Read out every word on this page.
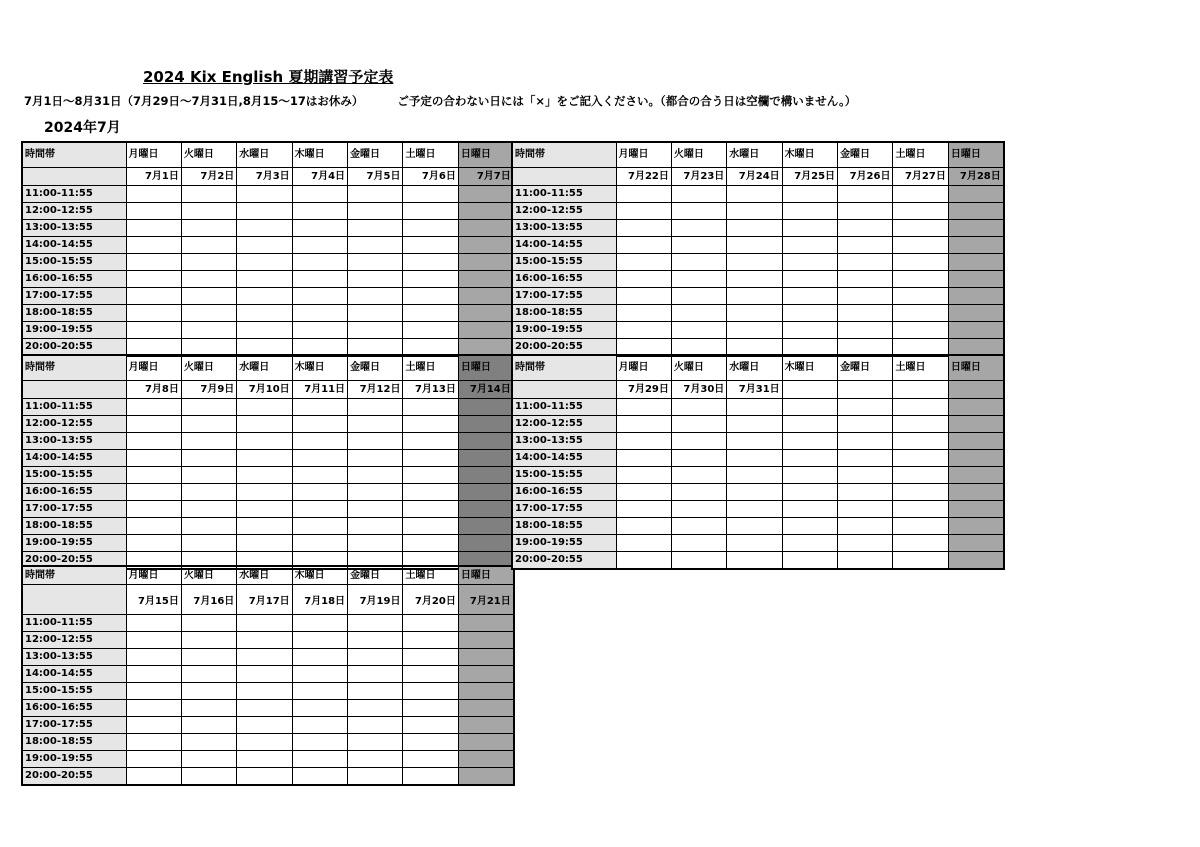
2024 Kix English 夏期講習予定表
7月1日～8月31日（7月29日～7月31日,8月15～17はお休み）	ご予定の合わない日には「×」をご記入ください。（都合の合う日は空欄で構いません。）
2024年7月
時間帯	月曜日	火曜日	水曜日	木曜日	金曜日	土曜日	日曜日
	7月1日	7月2日	7月3日	7月4日	7月5日	7月6日	7月7日
11:00-11:55							
12:00-12:55							
13:00-13:55							
14:00-14:55							
15:00-15:55							
16:00-16:55							
17:00-17:55							
18:00-18:55							
19:00-19:55							
20:00-20:55							
時間帯	月曜日	火曜日	水曜日	木曜日	金曜日	土曜日	日曜日
	7月8日	7月9日	7月10日	7月11日	7月12日	7月13日	7月14日
11:00-11:55							
12:00-12:55							
13:00-13:55							
14:00-14:55							
15:00-15:55							
16:00-16:55							
17:00-17:55							
18:00-18:55							
19:00-19:55							
20:00-20:55							
時間帯	月曜日	火曜日	水曜日	木曜日	金曜日	土曜日	日曜日
	7月15日	7月16日	7月17日	7月18日	7月19日	7月20日	7月21日
11:00-11:55							
12:00-12:55							
13:00-13:55							
14:00-14:55							
15:00-15:55							
16:00-16:55							
17:00-17:55							
18:00-18:55							
19:00-19:55							
20:00-20:55							
時間帯	月曜日	火曜日	水曜日	木曜日	金曜日	土曜日	日曜日
	7月22日	7月23日	7月24日	7月25日	7月26日	7月27日	7月28日
11:00-11:55							
12:00-12:55							
13:00-13:55							
14:00-14:55							
15:00-15:55							
16:00-16:55							
17:00-17:55							
18:00-18:55							
19:00-19:55							
20:00-20:55							
時間帯	月曜日	火曜日	水曜日	木曜日	金曜日	土曜日	日曜日
	7月29日	7月30日	7月31日				
11:00-11:55							
12:00-12:55							
13:00-13:55							
14:00-14:55							
15:00-15:55							
16:00-16:55							
17:00-17:55							
18:00-18:55							
19:00-19:55							
20:00-20:55							
